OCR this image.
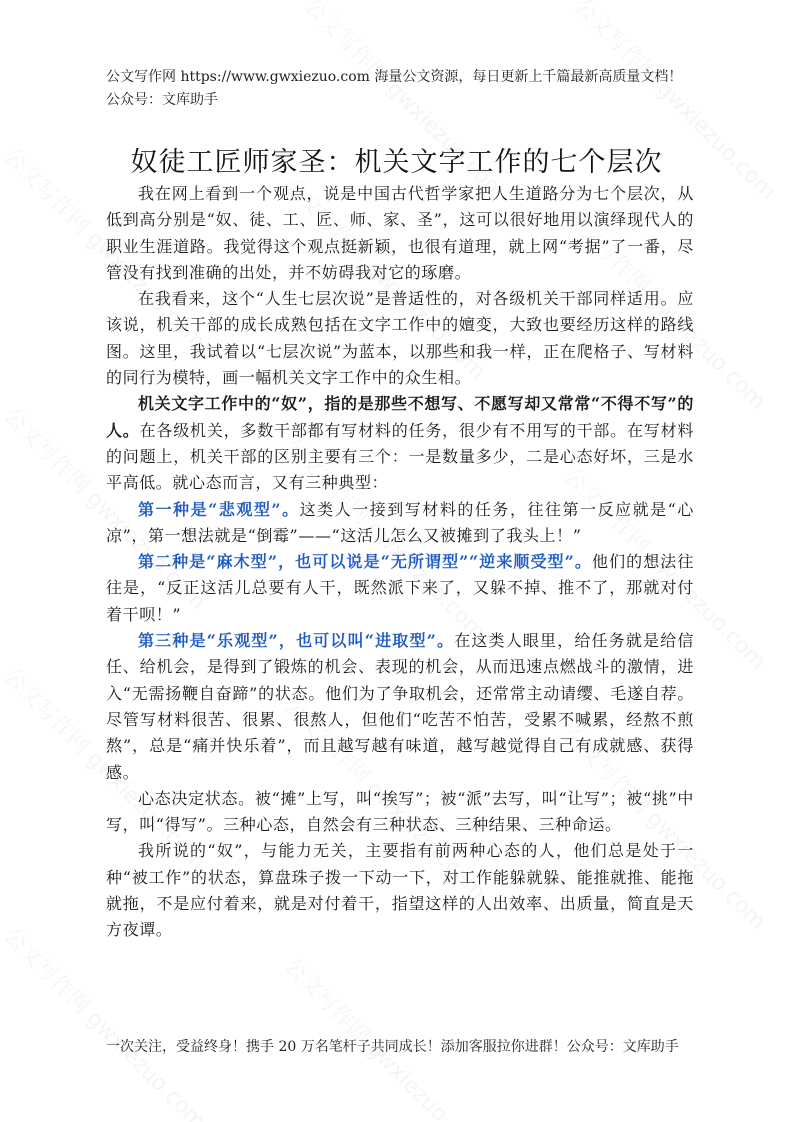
公文写作网 https://www.gwxiezuo.com 海量公文资源，每日更新上千篇最新高质量文档！ 公众号：文库助手
奴徒工匠师家圣：机关文字工作的七个层次

我在网上看到一个观点，说是中国古代哲学家把人生道路分为七个层次，从低到高分别是“奴、徒、工、匠、师、家、圣”，这可以很好地用以演绎现代人的职业生涯道路。我觉得这个观点挺新颖，也很有道理，就上网“考据”了一番，尽管没有找到准确的出处，并不妨碍我对它的琢磨。

在我看来，这个“人生七层次说”是普适性的，对各级机关干部同样适用。应该说，机关干部的成长成熟包括在文字工作中的嬗变，大致也要经历这样的路线图。这里，我试着以“七层次说”为蓝本，以那些和我一样，正在爬格子、写材料的同行为模特，画一幅机关文字工作中的众生相。

机关文字工作中的“奴”，指的是那些不想写、不愿写却又常常“不得不写”的人。在各级机关，多数干部都有写材料的任务，很少有不用写的干部。在写材料的问题上，机关干部的区别主要有三个：一是数量多少，二是心态好坏，三是水平高低。就心态而言，又有三种典型：

第一种是“悲观型”。这类人一接到写材料的任务，往往第一反应就是“心凉”，第一想法就是“倒霉”——“这活儿怎么又被摊到了我头上！”

第二种是“麻木型”，也可以说是“无所谓型”“逆来顺受型”。他们的想法往往是，“反正这活儿总要有人干，既然派下来了，又躲不掉、推不了，那就对付着干呗！”

第三种是“乐观型”，也可以叫“进取型”。在这类人眼里，给任务就是给信任、给机会，是得到了锻炼的机会、表现的机会，从而迅速点燃战斗的激情，进入“无需扬鞭自奋蹄”的状态。他们为了争取机会，还常常主动请缨、毛遂自荐。尽管写材料很苦、很累、很熬人，但他们“吃苦不怕苦，受累不喊累，经熬不煎熬”，总是“痛并快乐着”，而且越写越有味道，越写越觉得自己有成就感、获得感。

心态决定状态。被“摊”上写，叫“挨写”；被“派”去写，叫“让写”；被“挑”中写，叫“得写”。三种心态，自然会有三种状态、三种结果、三种命运。

我所说的“奴”，与能力无关，主要指有前两种心态的人，他们总是处于一种“被工作”的状态，算盘珠子拨一下动一下，对工作能躲就躲、能推就推、能拖就拖，不是应付着来，就是对付着干，指望这样的人出效率、出质量，简直是天方夜谭。

一次关注，受益终身！携手 20 万名笔杆子共同成长！添加客服拉你进群！公众号：文库助手
